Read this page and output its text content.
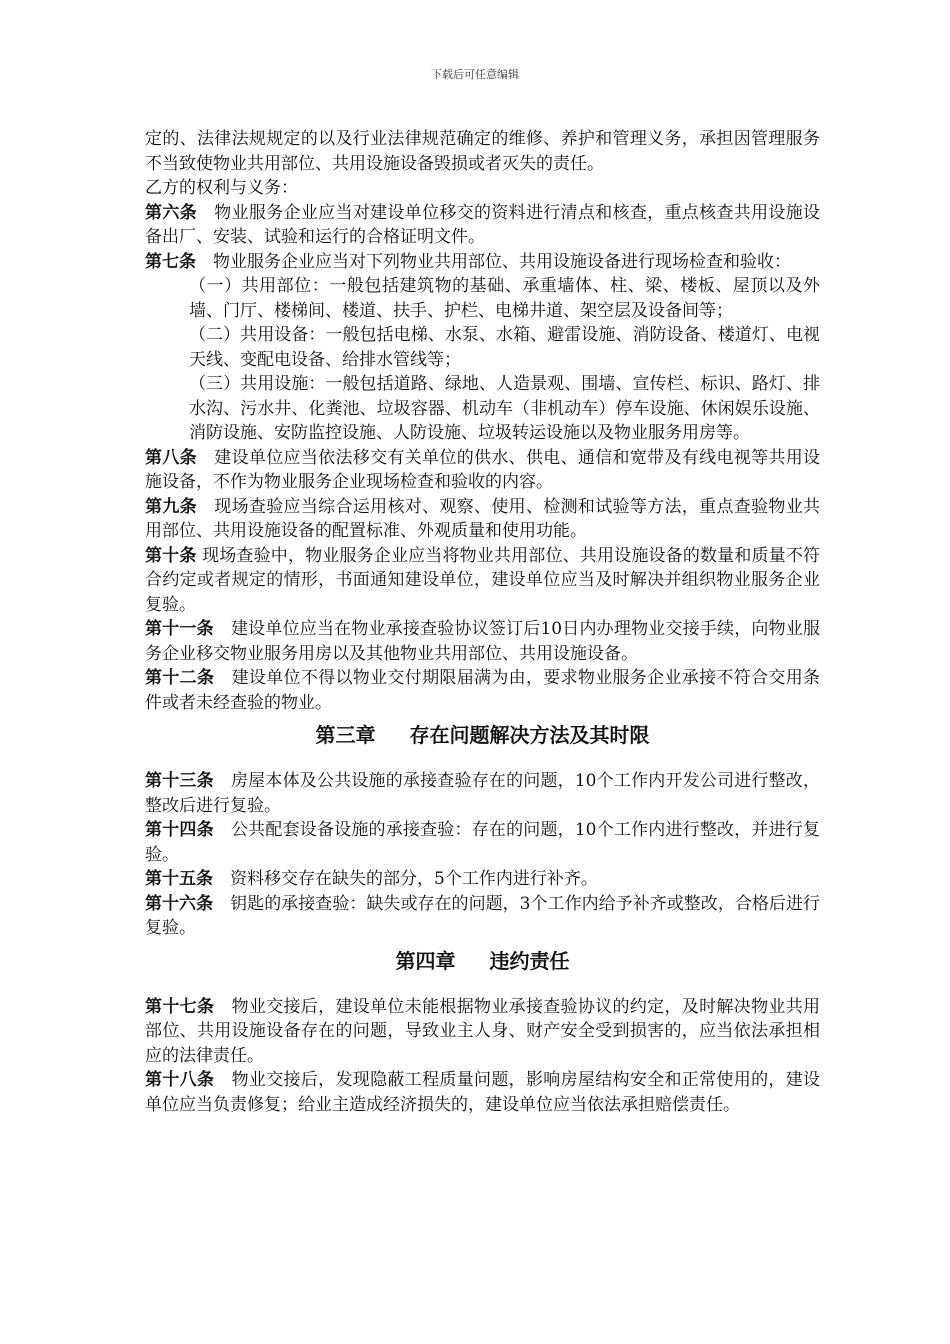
下载后可任意编辑

定的、法律法规规定的以及行业法律规范确定的维修、养护和管理义务，承担因管理服务不当致使物业共用部位、共用设施设备毁损或者灭失的责任。

乙方的权利与义务：

第六条　 物业服务企业应当对建设单位移交的资料进行清点和核查，重点核查共用设施设备出厂、安装、试验和运行的合格证明文件。

第七条　 物业服务企业应当对下列物业共用部位、共用设施设备进行现场检查和验收：

（一）共用部位：一般包括建筑物的基础、承重墙体、柱、梁、楼板、屋顶以及外墙、门厅、楼梯间、楼道、扶手、护栏、电梯井道、架空层及设备间等；

（二）共用设备：一般包括电梯、水泵、水箱、避雷设施、消防设备、楼道灯、电视天线、变配电设备、给排水管线等；

（三）共用设施：一般包括道路、绿地、人造景观、围墙、宣传栏、标识、路灯、排水沟、污水井、化粪池、垃圾容器、机动车（非机动车）停车设施、休闲娱乐设施、消防设施、安防监控设施、人防设施、垃圾转运设施以及物业服务用房等。

第八条　 建设单位应当依法移交有关单位的供水、供电、通信和宽带及有线电视等共用设施设备，不作为物业服务企业现场检查和验收的内容。

第九条　 现场查验应当综合运用核对、观察、使用、检测和试验等方法，重点查验物业共用部位、共用设施设备的配置标准、外观质量和使用功能。

第十条 现场查验中，物业服务企业应当将物业共用部位、共用设施设备的数量和质量不符合约定或者规定的情形，书面通知建设单位，建设单位应当及时解决并组织物业服务企业复验。

第十一条　 建设单位应当在物业承接查验协议签订后10日内办理物业交接手续，向物业服务企业移交物业服务用房以及其他物业共用部位、共用设施设备。

第十二条　 建设单位不得以物业交付期限届满为由，要求物业服务企业承接不符合交用条件或者未经查验的物业。

第三章 存在问题解决方法及其时限

第十三条　 房屋本体及公共设施的承接查验存在的问题，10个工作内开发公司进行整改，整改后进行复验。

第十四条　 公共配套设备设施的承接查验：存在的问题，10个工作内进行整改，并进行复验。

第十五条　 资料移交存在缺失的部分，5个工作内进行补齐。

第十六条　 钥匙的承接查验：缺失或存在的问题，3个工作内给予补齐或整改，合格后进行复验。

第四章 违约责任

第十七条　 物业交接后，建设单位未能根据物业承接查验协议的约定，及时解决物业共用部位、共用设施设备存在的问题，导致业主人身、财产安全受到损害的，应当依法承担相应的法律责任。

第十八条　 物业交接后，发现隐蔽工程质量问题，影响房屋结构安全和正常使用的，建设单位应当负责修复；给业主造成经济损失的，建设单位应当依法承担赔偿责任。
